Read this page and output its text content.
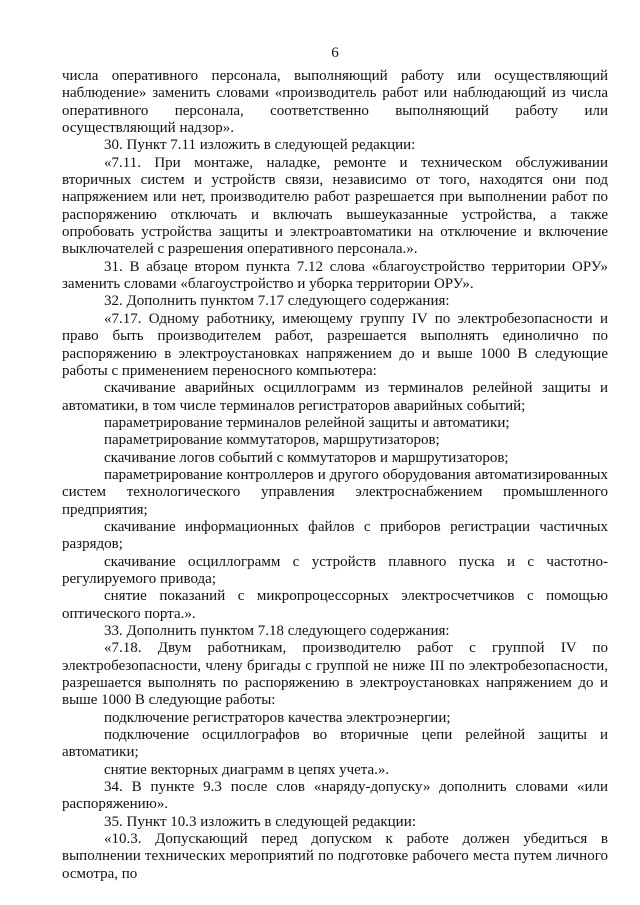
6

числа оперативного персонала, выполняющий работу или осуществляющий наблюдение» заменить словами «производитель работ или наблюдающий из числа оперативного персонала, соответственно выполняющий работу или осуществляющий надзор».

30. Пункт 7.11 изложить в следующей редакции:

«7.11. При монтаже, наладке, ремонте и техническом обслуживании вторичных систем и устройств связи, независимо от того, находятся они под напряжением или нет, производителю работ разрешается при выполнении работ по распоряжению отключать и включать вышеуказанные устройства, а также опробовать устройства защиты и электроавтоматики на отключение и включение выключателей с разрешения оперативного персонала.».

31. В абзаце втором пункта 7.12 слова «благоустройство территории ОРУ» заменить словами «благоустройство и уборка территории ОРУ».

32. Дополнить пунктом 7.17 следующего содержания:

«7.17. Одному работнику, имеющему группу IV по электробезопасности и право быть производителем работ, разрешается выполнять единолично по распоряжению в электроустановках напряжением до и выше 1000 В следующие работы с применением переносного компьютера:

скачивание аварийных осциллограмм из терминалов релейной защиты и автоматики, в том числе терминалов регистраторов аварийных событий;

параметрирование терминалов релейной защиты и автоматики;

параметрирование коммутаторов, маршрутизаторов;

скачивание логов событий с коммутаторов и маршрутизаторов;

параметрирование контроллеров и другого оборудования автоматизированных систем технологического управления электроснабжением промышленного предприятия;

скачивание информационных файлов с приборов регистрации частичных разрядов;

скачивание осциллограмм с устройств плавного пуска и с частотно-регулируемого привода;

снятие показаний с микропроцессорных электросчетчиков с помощью оптического порта.».

33. Дополнить пунктом 7.18 следующего содержания:

«7.18. Двум работникам, производителю работ с группой IV по электробезопасности, члену бригады с группой не ниже III по электробезопасности, разрешается выполнять по распоряжению в электроустановках напряжением до и выше 1000 В следующие работы:

подключение регистраторов качества электроэнергии;

подключение осциллографов во вторичные цепи релейной защиты и автоматики;

снятие векторных диаграмм в цепях учета.».

34. В пункте 9.3 после слов «наряду-допуску» дополнить словами «или распоряжению».

35. Пункт 10.3 изложить в следующей редакции:

«10.3. Допускающий перед допуском к работе должен убедиться в выполнении технических мероприятий по подготовке рабочего места путем личного осмотра, по
